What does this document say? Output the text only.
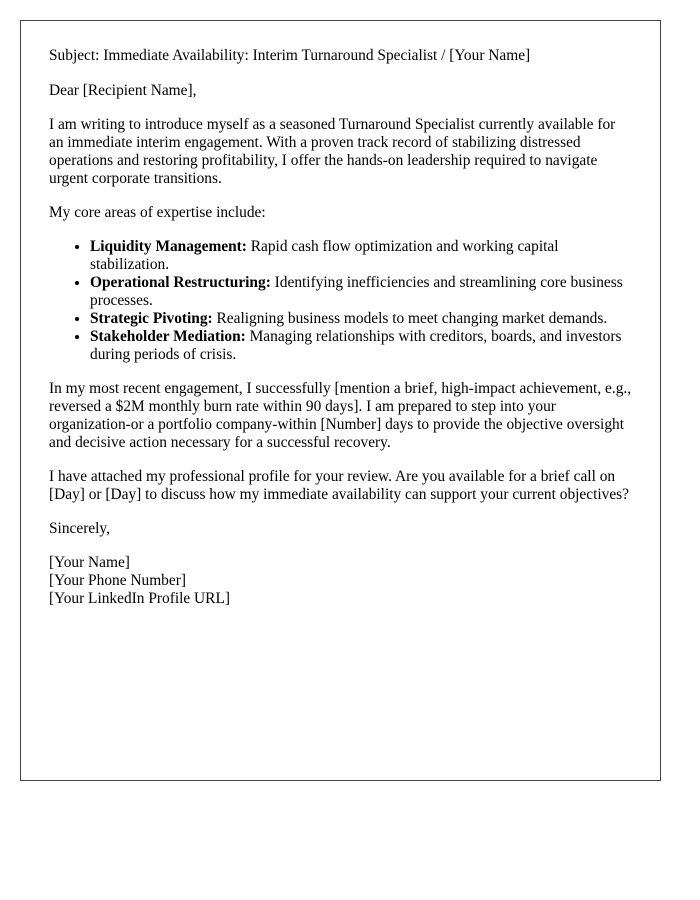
Subject: Immediate Availability: Interim Turnaround Specialist / [Your Name]

Dear [Recipient Name],

I am writing to introduce myself as a seasoned Turnaround Specialist currently available for an immediate interim engagement. With a proven track record of stabilizing distressed operations and restoring profitability, I offer the hands-on leadership required to navigate urgent corporate transitions.

My core areas of expertise include:

• Liquidity Management: Rapid cash flow optimization and working capital stabilization.
• Operational Restructuring: Identifying inefficiencies and streamlining core business processes.
• Strategic Pivoting: Realigning business models to meet changing market demands.
• Stakeholder Mediation: Managing relationships with creditors, boards, and investors during periods of crisis.

In my most recent engagement, I successfully [mention a brief, high-impact achievement, e.g., reversed a $2M monthly burn rate within 90 days]. I am prepared to step into your organization-or a portfolio company-within [Number] days to provide the objective oversight and decisive action necessary for a successful recovery.

I have attached my professional profile for your review. Are you available for a brief call on [Day] or [Day] to discuss how my immediate availability can support your current objectives?

Sincerely,

[Your Name]

[Your Phone Number]

[Your LinkedIn Profile URL]
